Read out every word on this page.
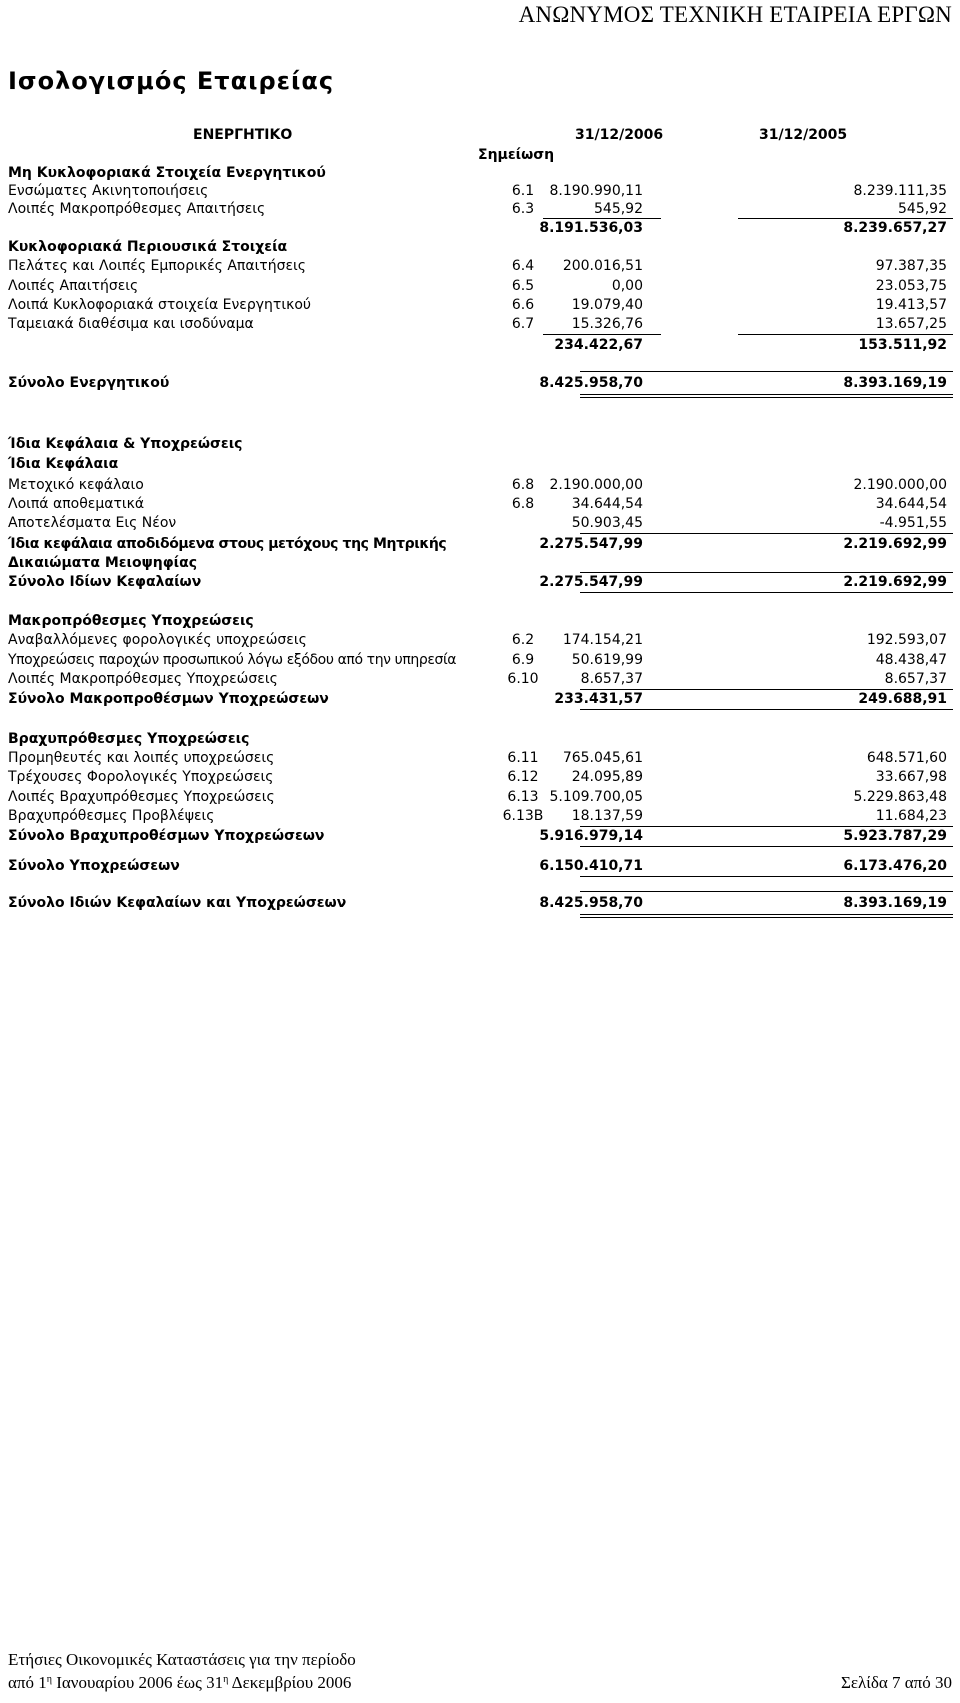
ΑΝΩΝΥΜΟΣ ΤΕΧΝΙΚΗ ΕΤΑΙΡΕΙΑ ΕΡΓΩΝ
Ισολογισμός Εταιρείας
ΕΝΕΡΓΗΤΙΚΟ	31/12/2006	31/12/2005
Σημείωση
Μη Κυκλοφοριακά Στοιχεία Ενεργητικού
Ενσώματες Ακινητοποιήσεις	6.1	8.190.990,11	8.239.111,35
Λοιπές Μακροπρόθεσμες Απαιτήσεις	6.3	545,92	545,92
8.191.536,03	8.239.657,27
Κυκλοφοριακά Περιουσικά Στοιχεία
Πελάτες και Λοιπές Εμπορικές Απαιτήσεις	6.4	200.016,51	97.387,35
Λοιπές Απαιτήσεις	6.5	0,00	23.053,75
Λοιπά Κυκλοφοριακά στοιχεία Ενεργητικού	6.6	19.079,40	19.413,57
Ταμειακά διαθέσιμα και ισοδύναμα	6.7	15.326,76	13.657,25
234.422,67	153.511,92
Σύνολο Ενεργητικού	8.425.958,70	8.393.169,19
Ίδια Κεφάλαια & Υποχρεώσεις
Ίδια Κεφάλαια
Μετοχικό κεφάλαιο	6.8	2.190.000,00	2.190.000,00
Λοιπά αποθεματικά	6.8	34.644,54	34.644,54
Αποτελέσματα Εις Νέον	50.903,45	-4.951,55
Ίδια κεφάλαια αποδιδόμενα στους μετόχους της Μητρικής	2.275.547,99	2.219.692,99
Δικαιώματα Μειοψηφίας
Σύνολο Ιδίων Κεφαλαίων	2.275.547,99	2.219.692,99
Μακροπρόθεσμες Υποχρεώσεις
Αναβαλλόμενες φορολογικές υποχρεώσεις	6.2	174.154,21	192.593,07
Υποχρεώσεις παροχών προσωπικού λόγω εξόδου από την υπηρεσία	6.9	50.619,99	48.438,47
Λοιπές Μακροπρόθεσμες Υποχρεώσεις	6.10	8.657,37	8.657,37
Σύνολο Μακροπροθέσμων Υποχρεώσεων	233.431,57	249.688,91
Βραχυπρόθεσμες Υποχρεώσεις
Προμηθευτές και λοιπές υποχρεώσεις	6.11	765.045,61	648.571,60
Τρέχουσες Φορολογικές Υποχρεώσεις	6.12	24.095,89	33.667,98
Λοιπές Βραχυπρόθεσμες Υποχρεώσεις	6.13 5.109.700,05	5.229.863,48
Βραχυπρόθεσμες Προβλέψεις	6.13Β	18.137,59	11.684,23
Σύνολο Βραχυπροθέσμων Υποχρεώσεων	5.916.979,14	5.923.787,29
Σύνολο Υποχρεώσεων	6.150.410,71	6.173.476,20
Σύνολο Ιδιών Κεφαλαίων και Υποχρεώσεων	8.425.958,70	8.393.169,19
Ετήσιες Οικονομικές Καταστάσεις για την περίοδο
από $1^\eta$ Ιανουαρίου 2006 έως $31^\eta$ Δεκεμβρίου 2006	Σελίδα 7 από 30
